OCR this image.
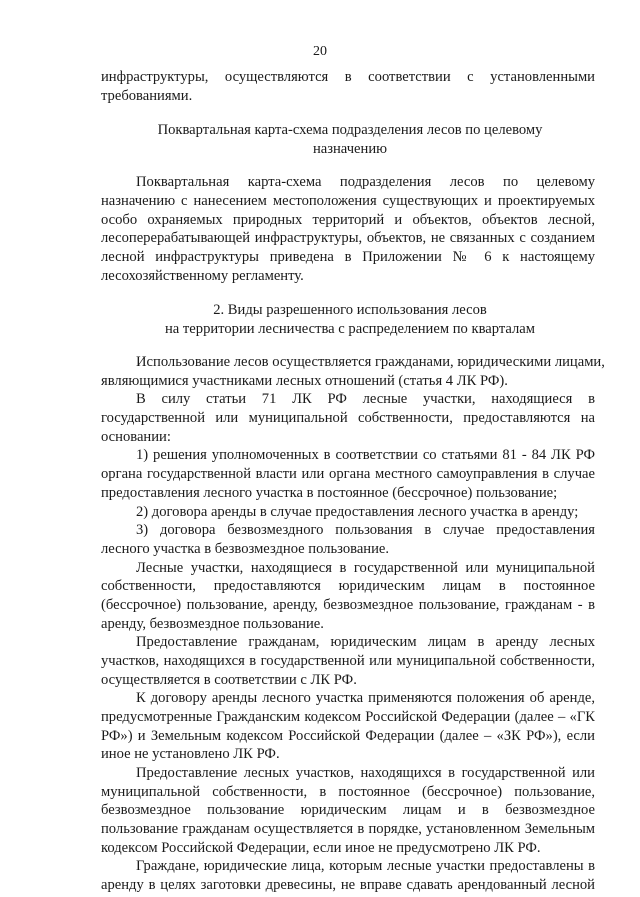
20
инфраструктуры, осуществляются в соответствии с установленными
требованиями.
Поквартальная карта-схема подразделения лесов по целевому
назначению
Поквартальная карта-схема подразделения лесов по целевому
назначению с нанесением местоположения существующих и проектируемых
особо охраняемых природных территорий и объектов, объектов лесной,
лесоперерабатывающей инфраструктуры, объектов, не связанных с созданием
лесной инфраструктуры приведена в Приложении № 6 к настоящему
лесохозяйственному регламенту.
2. Виды разрешенного использования лесов
на территории лесничества с распределением по кварталам
Использование лесов осуществляется гражданами, юридическими лицами,
являющимися участниками лесных отношений (статья 4 ЛК РФ).
В силу статьи 71 ЛК РФ лесные участки, находящиеся в
государственной или муниципальной собственности, предоставляются на
основании:
1) решения уполномоченных в соответствии со статьями 81 - 84 ЛК РФ
органа государственной власти или органа местного самоуправления в случае
предоставления лесного участка в постоянное (бессрочное) пользование;
2) договора аренды в случае предоставления лесного участка в аренду;
3) договора безвозмездного пользования в случае предоставления
лесного участка в безвозмездное пользование.
Лесные участки, находящиеся в государственной или муниципальной
собственности, предоставляются юридическим лицам в постоянное
(бессрочное) пользование, аренду, безвозмездное пользование, гражданам - в
аренду, безвозмездное пользование.
Предоставление гражданам, юридическим лицам в аренду лесных
участков, находящихся в государственной или муниципальной собственности,
осуществляется в соответствии с ЛК РФ.
К договору аренды лесного участка применяются положения об аренде,
предусмотренные Гражданским кодексом Российской Федерации (далее – «ГК
РФ») и Земельным кодексом Российской Федерации (далее – «ЗК РФ»), если
иное не установлено ЛК РФ.
Предоставление лесных участков, находящихся в государственной или
муниципальной собственности, в постоянное (бессрочное) пользование,
безвозмездное пользование юридическим лицам и в безвозмездное
пользование гражданам осуществляется в порядке, установленном Земельным
кодексом Российской Федерации, если иное не предусмотрено ЛК РФ.
Граждане, юридические лица, которым лесные участки предоставлены в
аренду в целях заготовки древесины, не вправе сдавать арендованный лесной
